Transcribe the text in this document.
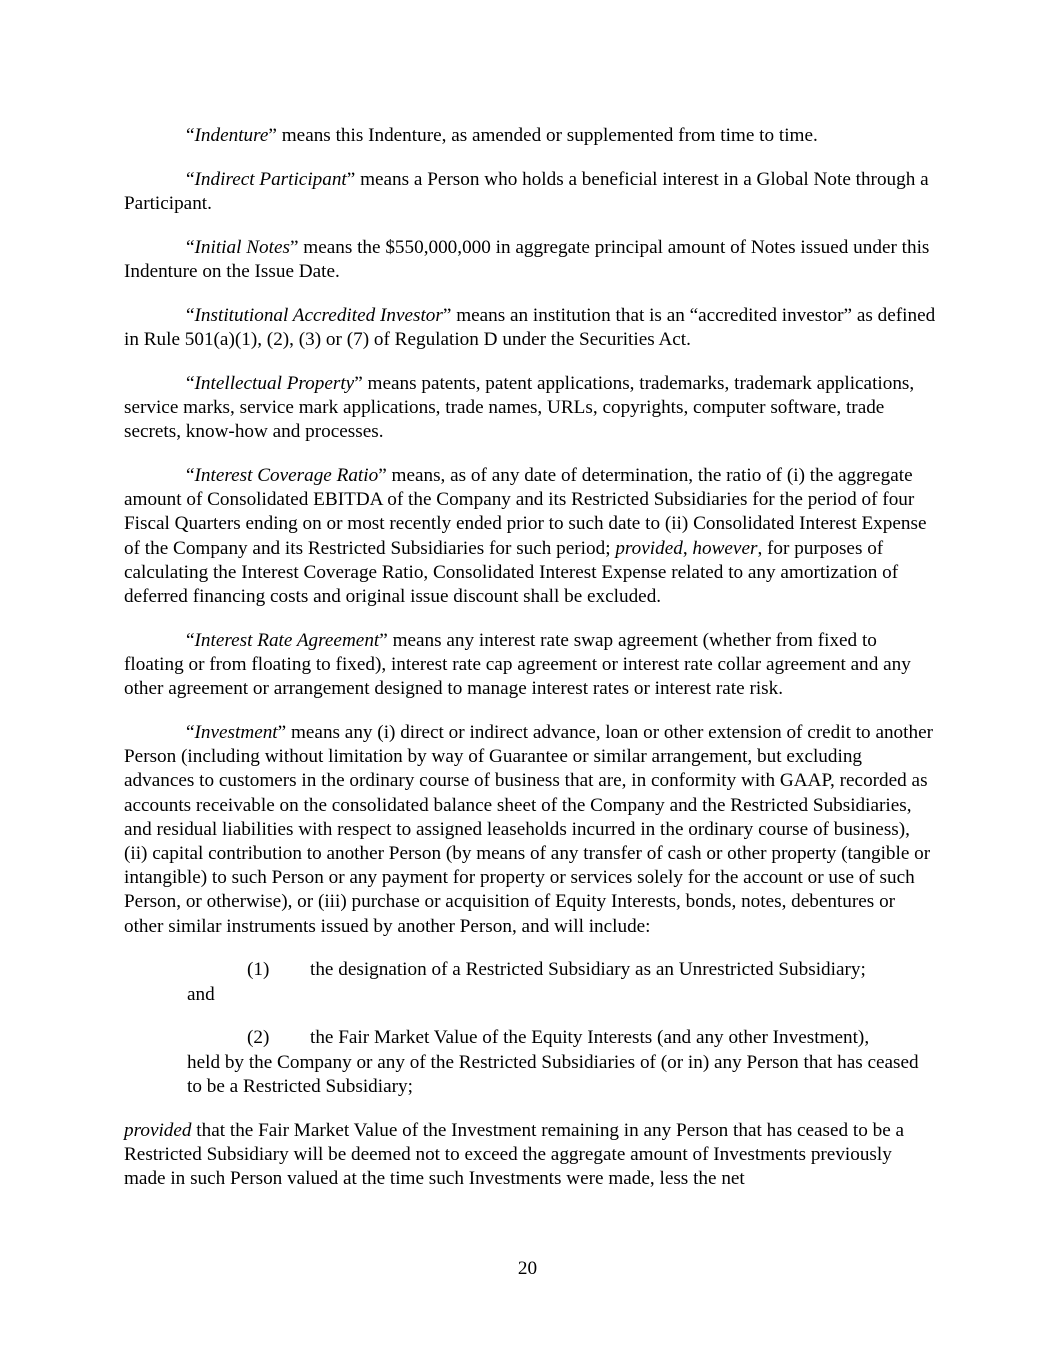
“Indenture” means this Indenture, as amended or supplemented from time to time.

“Indirect Participant” means a Person who holds a beneficial interest in a Global Note through a Participant.

“Initial Notes” means the $550,000,000 in aggregate principal amount of Notes issued under this Indenture on the Issue Date.

“Institutional Accredited Investor” means an institution that is an “accredited investor” as defined in Rule 501(a)(1), (2), (3) or (7) of Regulation D under the Securities Act.

“Intellectual Property” means patents, patent applications, trademarks, trademark applications, service marks, service mark applications, trade names, URLs, copyrights, computer software, trade secrets, know-how and processes.

“Interest Coverage Ratio” means, as of any date of determination, the ratio of (i) the aggregate amount of Consolidated EBITDA of the Company and its Restricted Subsidiaries for the period of four Fiscal Quarters ending on or most recently ended prior to such date to (ii) Consolidated Interest Expense of the Company and its Restricted Subsidiaries for such period; provided, however, for purposes of calculating the Interest Coverage Ratio, Consolidated Interest Expense related to any amortization of deferred financing costs and original issue discount shall be excluded.

“Interest Rate Agreement” means any interest rate swap agreement (whether from fixed to floating or from floating to fixed), interest rate cap agreement or interest rate collar agreement and any other agreement or arrangement designed to manage interest rates or interest rate risk.

“Investment” means any (i) direct or indirect advance, loan or other extension of credit to another Person (including without limitation by way of Guarantee or similar arrangement, but excluding advances to customers in the ordinary course of business that are, in conformity with GAAP, recorded as accounts receivable on the consolidated balance sheet of the Company and the Restricted Subsidiaries, and residual liabilities with respect to assigned leaseholds incurred in the ordinary course of business), (ii) capital contribution to another Person (by means of any transfer of cash or other property (tangible or intangible) to such Person or any payment for property or services solely for the account or use of such Person, or otherwise), or (iii) purchase or acquisition of Equity Interests, bonds, notes, debentures or other similar instruments issued by another Person, and will include:

(1) the designation of a Restricted Subsidiary as an Unrestricted Subsidiary;
and
(2) the Fair Market Value of the Equity Interests (and any other Investment),
held by the Company or any of the Restricted Subsidiaries of (or in) any Person that has ceased to be a Restricted Subsidiary;

provided that the Fair Market Value of the Investment remaining in any Person that has ceased to be a Restricted Subsidiary will be deemed not to exceed the aggregate amount of Investments previously made in such Person valued at the time such Investments were made, less the net

20
